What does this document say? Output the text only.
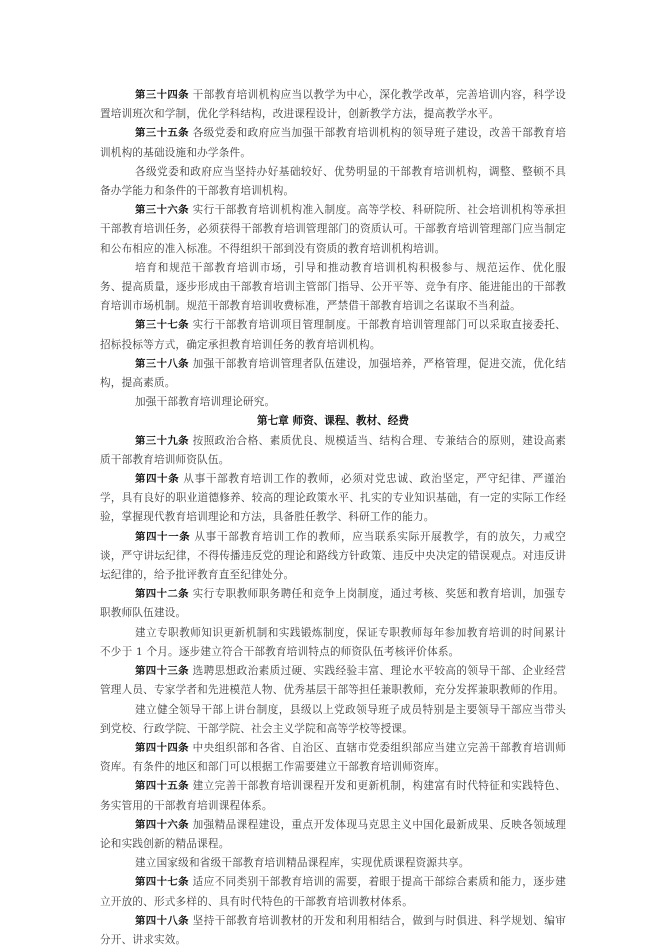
第三十四条 干部教育培训机构应当以教学为中心，深化教学改革，完善培训内容，科学设置培训班次和学制，优化学科结构，改进课程设计，创新教学方法，提高教学水平。

第三十五条 各级党委和政府应当加强干部教育培训机构的领导班子建设，改善干部教育培训机构的基础设施和办学条件。

各级党委和政府应当坚持办好基础较好、优势明显的干部教育培训机构，调整、整顿不具备办学能力和条件的干部教育培训机构。

第三十六条 实行干部教育培训机构准入制度。高等学校、科研院所、社会培训机构等承担干部教育培训任务，必须获得干部教育培训管理部门的资质认可。干部教育培训管理部门应当制定和公布相应的准入标准。不得组织干部到没有资质的教育培训机构培训。

培育和规范干部教育培训市场，引导和推动教育培训机构积极参与、规范运作、优化服务、提高质量，逐步形成由干部教育培训主管部门指导、公开平等、竞争有序、能进能出的干部教育培训市场机制。规范干部教育培训收费标准，严禁借干部教育培训之名谋取不当利益。

第三十七条 实行干部教育培训项目管理制度。干部教育培训管理部门可以采取直接委托、招标投标等方式，确定承担教育培训任务的教育培训机构。

第三十八条 加强干部教育培训管理者队伍建设，加强培养，严格管理，促进交流，优化结构，提高素质。

加强干部教育培训理论研究。

第七章 师资、课程、教材、经费

第三十九条 按照政治合格、素质优良、规模适当、结构合理、专兼结合的原则，建设高素质干部教育培训师资队伍。

第四十条 从事干部教育培训工作的教师，必须对党忠诚、政治坚定，严守纪律、严谨治学，具有良好的职业道德修养、较高的理论政策水平、扎实的专业知识基础，有一定的实际工作经验，掌握现代教育培训理论和方法，具备胜任教学、科研工作的能力。

第四十一条 从事干部教育培训工作的教师，应当联系实际开展教学，有的放矢，力戒空谈，严守讲坛纪律，不得传播违反党的理论和路线方针政策、违反中央决定的错误观点。对违反讲坛纪律的，给予批评教育直至纪律处分。

第四十二条 实行专职教师职务聘任和竞争上岗制度，通过考核、奖惩和教育培训，加强专职教师队伍建设。

建立专职教师知识更新机制和实践锻炼制度，保证专职教师每年参加教育培训的时间累计不少于 1 个月。逐步建立符合干部教育培训特点的师资队伍考核评价体系。

第四十三条 选聘思想政治素质过硬、实践经验丰富、理论水平较高的领导干部、企业经营管理人员、专家学者和先进模范人物、优秀基层干部等担任兼职教师，充分发挥兼职教师的作用。

建立健全领导干部上讲台制度，县级以上党政领导班子成员特别是主要领导干部应当带头到党校、行政学院、干部学院、社会主义学院和高等学校等授课。

第四十四条 中央组织部和各省、自治区、直辖市党委组织部应当建立完善干部教育培训师资库。有条件的地区和部门可以根据工作需要建立干部教育培训师资库。

第四十五条 建立完善干部教育培训课程开发和更新机制，构建富有时代特征和实践特色、务实管用的干部教育培训课程体系。

第四十六条 加强精品课程建设，重点开发体现马克思主义中国化最新成果、反映各领域理论和实践创新的精品课程。

建立国家级和省级干部教育培训精品课程库，实现优质课程资源共享。

第四十七条 适应不同类别干部教育培训的需要，着眼于提高干部综合素质和能力，逐步建立开放的、形式多样的、具有时代特色的干部教育培训教材体系。

第四十八条 坚持干部教育培训教材的开发和利用相结合，做到与时俱进、科学规划、编审分开、讲求实效。
